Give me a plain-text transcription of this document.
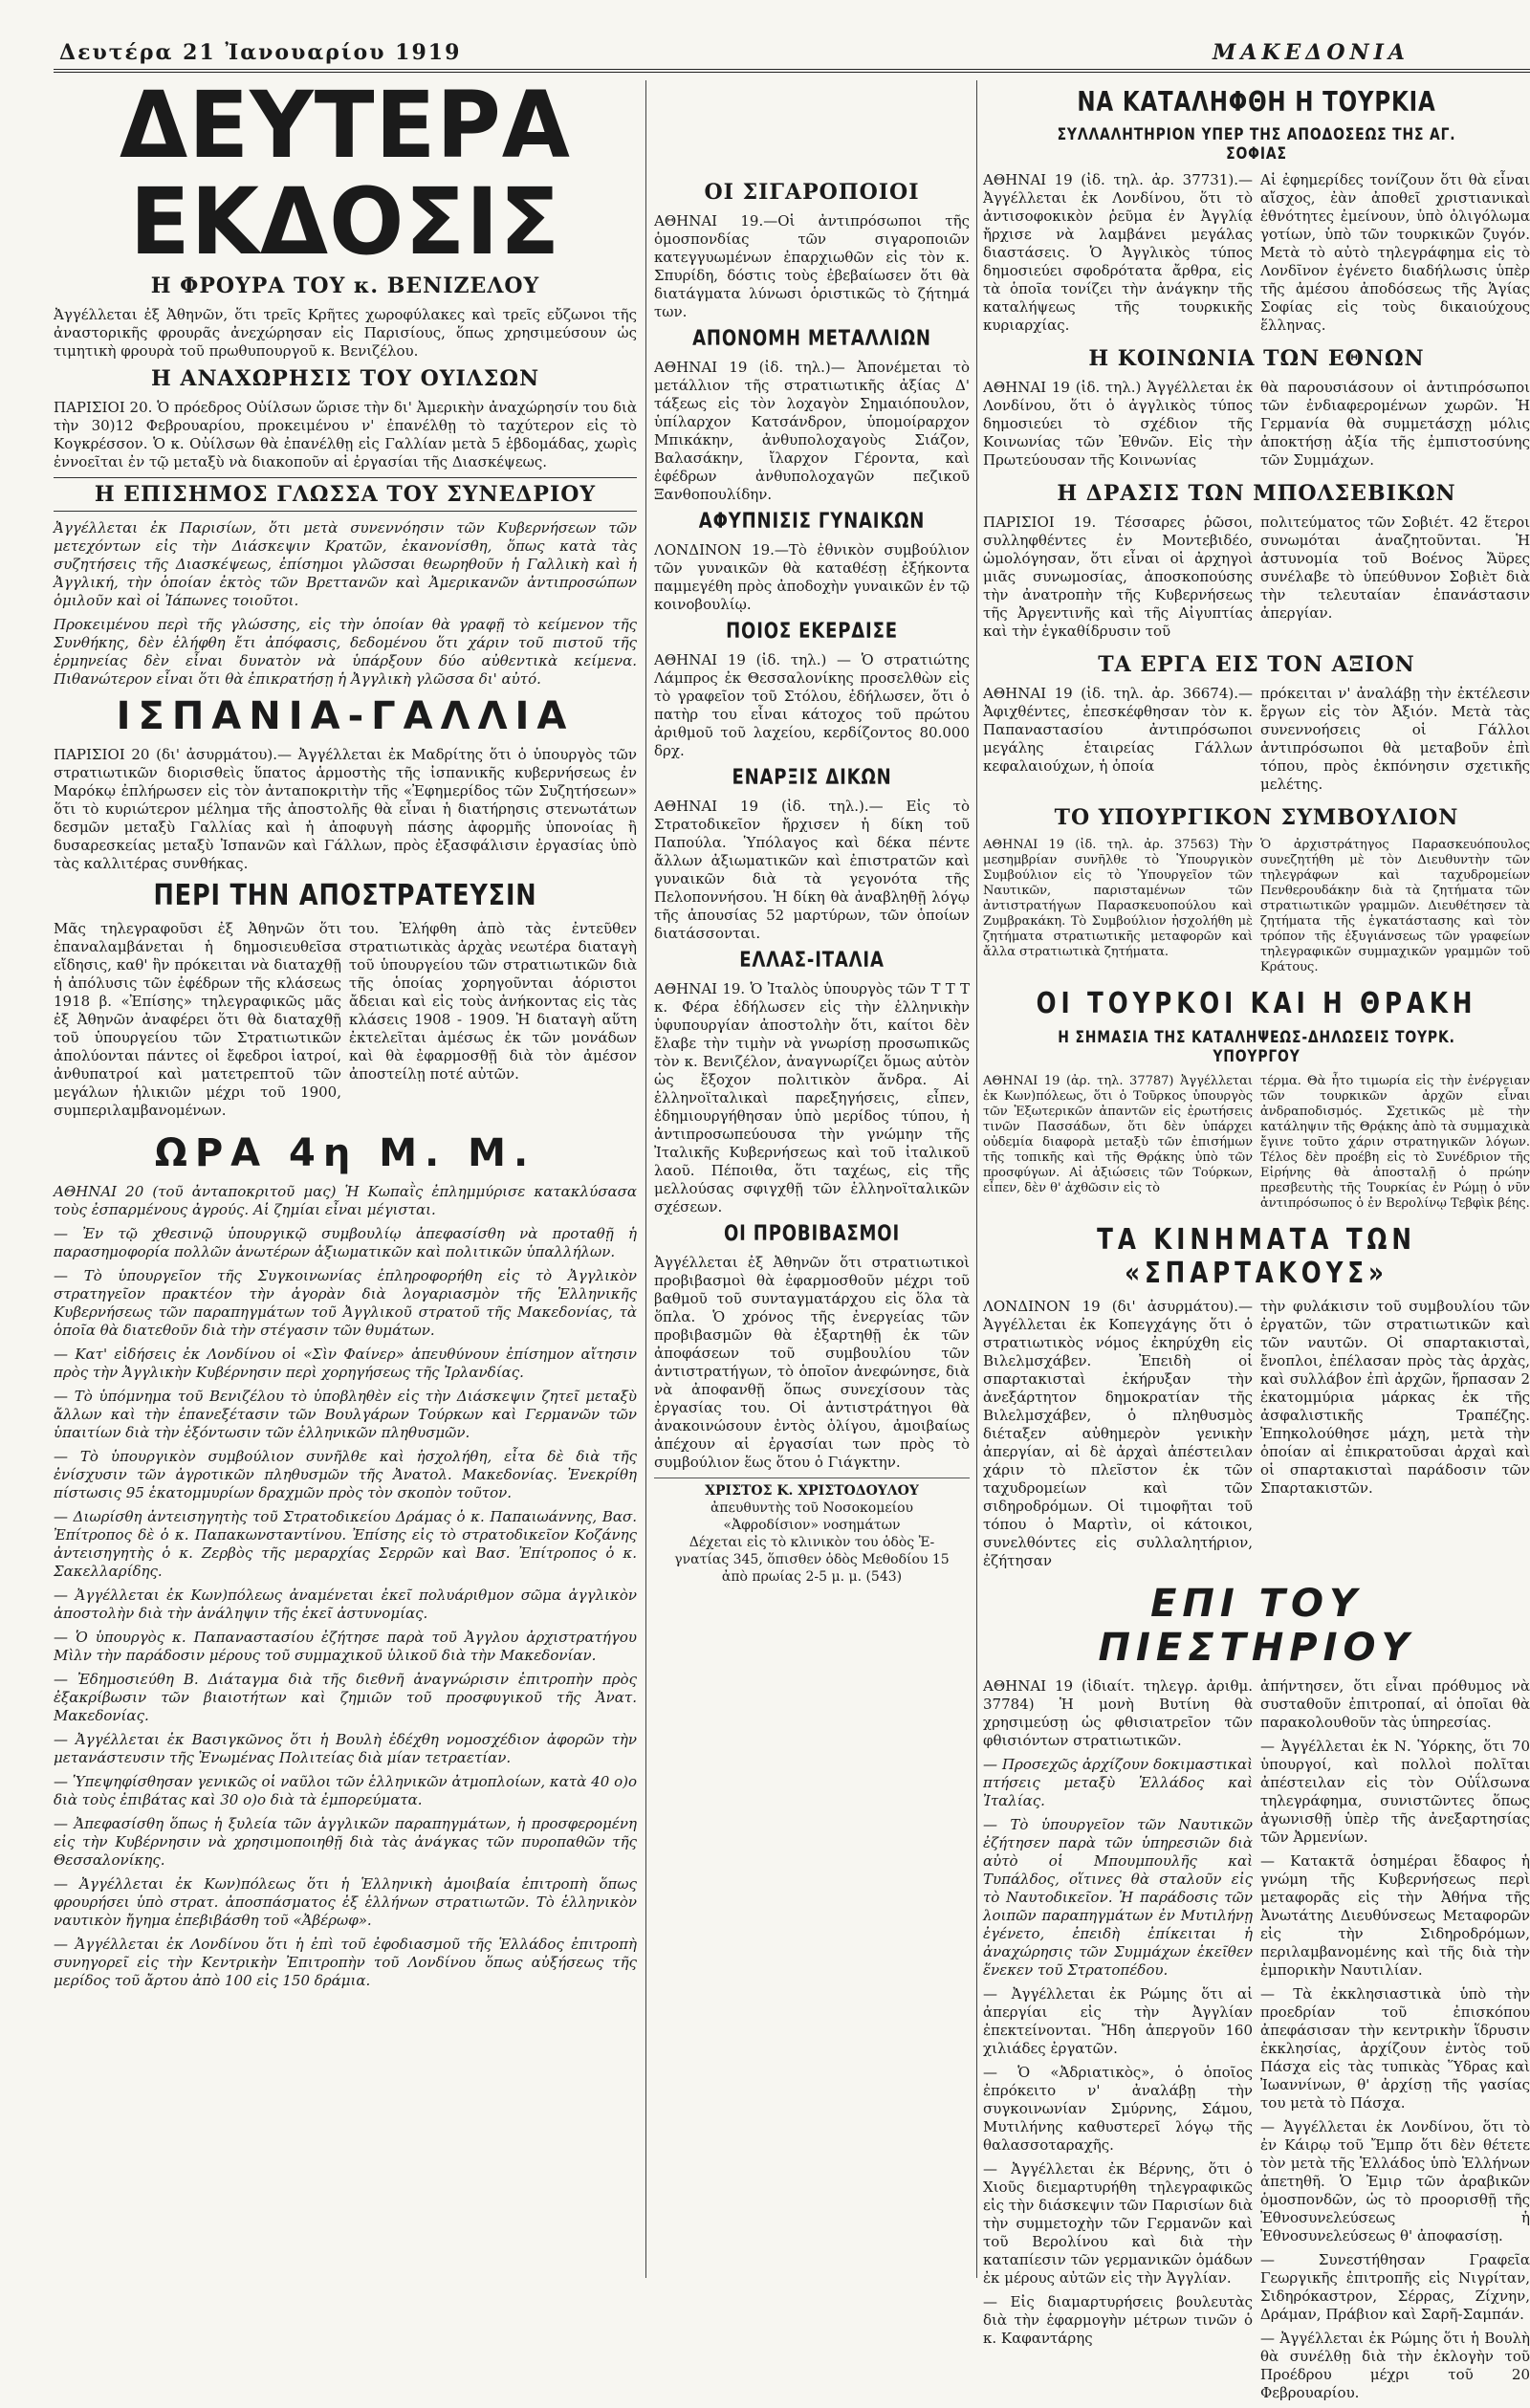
Δευτέρα 21 Ἰανουαρίου 1919	ΜΑΚΕΔΟΝΙΑ
ΔΕΥΤΕΡΑ ΕΚΔΟΣΙΣ
Η ΦΡΟΥΡΑ ΤΟΥ κ. ΒΕΝΙΖΕΛΟΥ

Ἀγγέλλεται ἐξ Ἀθηνῶν, ὅτι τρεῖς Κρῆτες χωροφύλακες καὶ τρεῖς εὔζωνοι τῆς ἀναστορικῆς φρουρᾶς ἀνεχώρησαν εἰς Παρισίους, ὅπως χρησιμεύσουν ὡς τιμητικὴ φρουρὰ τοῦ πρωθυπουργοῦ κ. Βενιζέλου.

Η ΑΝΑΧΩΡΗΣΙΣ ΤΟΥ ΟΥΙΛΣΩΝ

ΠΑΡΙΣΙΟΙ 20. Ὁ πρόεδρος Οὐίλσων ὥρισε τὴν δι' Ἀμερικὴν ἀναχώρησίν του διὰ τὴν 30)12 Φεβρουαρίου, προκειμένου ν' ἐπανέλθῃ τὸ ταχύτερον εἰς τὸ Κογκρέσσον. Ὁ κ. Οὐίλσων θὰ ἐπανέλθῃ εἰς Γαλλίαν μετὰ 5 ἑβδομάδας, χωρὶς ἐννοεῖται ἐν τῷ μεταξὺ νὰ διακοποῦν αἱ ἐργασίαι τῆς Διασκέψεως.

Η ΕΠΙΣΗΜΟΣ ΓΛΩΣΣΑ ΤΟΥ ΣΥΝΕΔΡΙΟΥ

Ἀγγέλλεται ἐκ Παρισίων, ὅτι μετὰ συνεννόησιν τῶν Κυβερνήσεων τῶν μετεχόντων εἰς τὴν Διάσκεψιν Κρατῶν, ἐκανονίσθη, ὅπως κατὰ τὰς συζητήσεις τῆς Διασκέψεως, ἐπίσημοι γλῶσσαι θεωρηθοῦν ἡ Γαλλικὴ καὶ ἡ Ἀγγλική, τὴν ὁποίαν ἐκτὸς τῶν Βρεττανῶν καὶ Ἀμερικανῶν ἀντιπροσώπων ὁμιλοῦν καὶ οἱ Ἰάπωνες τοιοῦτοι.

Προκειμένου περὶ τῆς γλώσσης, εἰς τὴν ὁποίαν θὰ γραφῇ τὸ κείμενον τῆς Συνθήκης, δὲν ἐλήφθη ἔτι ἀπόφασις, δεδομένου ὅτι χάριν τοῦ πιστοῦ τῆς ἑρμηνείας δὲν εἶναι δυνατὸν νὰ ὑπάρξουν δύο αὐθεντικὰ κείμενα. Πιθανώτερον εἶναι ὅτι θὰ ἐπικρατήσῃ ἡ Ἀγγλικὴ γλῶσσα δι' αὐτό.

ΙΣΠΑΝΙΑ-ΓΑΛΛΙΑ

ΠΑΡΙΣΙΟΙ 20 (δι' ἀσυρμάτου).— Ἀγγέλλεται ἐκ Μαδρίτης ὅτι ὁ ὑπουργὸς τῶν στρατιωτικῶν διορισθεὶς ὕπατος ἁρμοστὴς τῆς ἰσπανικῆς κυβερνήσεως ἐν Μαρόκῳ ἐπλήρωσεν εἰς τὸν ἀνταποκριτὴν τῆς «Ἐφημερίδος τῶν Συζητήσεων» ὅτι τὸ κυριώτερον μέλημα τῆς ἀποστολῆς θὰ εἶναι ἡ διατήρησις στενωτάτων δεσμῶν μεταξὺ Γαλλίας καὶ ἡ ἀποφυγὴ πάσης ἀφορμῆς ὑπονοίας ἢ δυσαρεσκείας μεταξὺ Ἰσπανῶν καὶ Γάλλων, πρὸς ἐξασφάλισιν ἐργασίας ὑπὸ τὰς καλλιτέρας συνθήκας.

ΠΕΡΙ ΤΗΝ ΑΠΟΣΤΡΑΤΕΥΣΙΝ

Μᾶς τηλεγραφοῦσι ἐξ Ἀθηνῶν ὅτι ἐπαναλαμβάνεται ἡ δημοσιευθεῖσα εἴδησις, καθ' ἣν πρόκειται νὰ διαταχθῇ ἡ ἀπόλυσις τῶν ἐφέδρων τῆς κλάσεως 1918 β. «Ἐπίσης» τηλεγραφικῶς μᾶς ἐξ Ἀθηνῶν ἀναφέρει ὅτι θὰ διαταχθῇ τοῦ ὑπουργείου τῶν Στρατιωτικῶν ἀπολύονται πάντες οἱ ἔφεδροι ἰατροί, ἀνθυπατροί καὶ ματετρεπτοῦ τῶν μεγάλων ἡλικιῶν μέχρι τοῦ 1900, συμπεριλαμβανομένων.

του. Ἐλήφθη ἀπὸ τὰς ἐντεῦθεν στρατιωτικὰς ἀρχὰς νεωτέρα διαταγὴ τοῦ ὑπουργείου τῶν στρατιωτικῶν διὰ τῆς ὁποίας χορηγοῦνται ἀόριστοι ἄδειαι καὶ εἰς τοὺς ἀνήκοντας εἰς τὰς κλάσεις 1908 - 1909. Ἡ διαταγὴ αὕτη ἐκτελεῖται ἀμέσως ἐκ τῶν μονάδων καὶ θὰ ἐφαρμοσθῇ διὰ τὸν ἀμέσον ἀποστείλῃ ποτέ αὐτῶν.

ΩΡΑ 4η Μ. Μ.

ΑΘΗΝΑΙ 20 (τοῦ ἀνταποκριτοῦ μας) Ἡ Κωπαῒς ἐπλημμύρισε κατακλύσασα τοὺς ἐσπαρμένους ἀγρούς. Αἱ ζημίαι εἶναι μέγισται.

— Ἐν τῷ χθεσινῷ ὑπουργικῷ συμβουλίῳ ἀπεφασίσθη νὰ προταθῇ ἡ παρασημοφορία πολλῶν ἀνωτέρων ἀξιωματικῶν καὶ πολιτικῶν ὑπαλλήλων.

— Τὸ ὑπουργεῖον τῆς Συγκοινωνίας ἐπληροφορήθη εἰς τὸ Ἀγγλικὸν στρατηγεῖον πρακτέον τὴν ἀγορὰν διὰ λογαριασμὸν τῆς Ἑλληνικῆς Κυβερνήσεως τῶν παραπηγμάτων τοῦ Ἀγγλικοῦ στρατοῦ τῆς Μακεδονίας, τὰ ὁποῖα θὰ διατεθοῦν διὰ τὴν στέγασιν τῶν θυμάτων.

— Κατ' εἰδήσεις ἐκ Λονδίνου οἱ «Σὶν Φαίνερ» ἀπευθύνουν ἐπίσημον αἴτησιν πρὸς τὴν Ἀγγλικὴν Κυβέρνησιν περὶ χορηγήσεως τῆς Ἰρλανδίας.

— Τὸ ὑπόμνημα τοῦ Βενιζέλου τὸ ὑποβληθὲν εἰς τὴν Διάσκεψιν ζητεῖ μεταξὺ ἄλλων καὶ τὴν ἐπανεξέτασιν τῶν Βουλγάρων Τούρκων καὶ Γερμανῶν τῶν ὑπαιτίων διὰ τὴν ἐξόντωσιν τῶν ἑλληνικῶν πληθυσμῶν.

— Τὸ ὑπουργικὸν συμβούλιον συνῆλθε καὶ ἠσχολήθη, εἶτα δὲ διὰ τῆς ἐνίσχυσιν τῶν ἀγροτικῶν πληθυσμῶν τῆς Ἀνατολ. Μακεδονίας. Ἐνεκρίθη πίστωσις 95 ἑκατομμυρίων δραχμῶν πρὸς τὸν σκοπὸν τοῦτον.

— Διωρίσθη ἀντεισηγητὴς τοῦ Στρατοδικείου Δράμας ὁ κ. Παπαιωάννης, Βασ. Ἐπίτροπος δὲ ὁ κ. Παπακωνσταντίνου. Ἐπίσης εἰς τὸ στρατοδικεῖον Κοζάνης ἀντεισηγητὴς ὁ κ. Ζερβὸς τῆς μεραρχίας Σερρῶν καὶ Βασ. Ἐπίτροπος ὁ κ. Σακελλαρίδης.

— Ἀγγέλλεται ἐκ Κων)πόλεως ἀναμένεται ἐκεῖ πολυάριθμον σῶμα ἀγγλικὸν ἀποστολὴν διὰ τὴν ἀνάληψιν τῆς ἐκεῖ ἀστυνομίας.

— Ὁ ὑπουργὸς κ. Παπαναστασίου ἐζήτησε παρὰ τοῦ Ἀγγλου ἀρχιστρατήγου Μὶλν τὴν παράδοσιν μέρους τοῦ συμμαχικοῦ ὑλικοῦ διὰ τὴν Μακεδονίαν.

— Ἐδημοσιεύθη Β. Διάταγμα διὰ τῆς διεθνῆ ἀναγνώρισιν ἐπιτροπὴν πρὸς ἐξακρίβωσιν τῶν βιαιοτήτων καὶ ζημιῶν τοῦ προσφυγικοῦ τῆς Ἀνατ. Μακεδονίας.

— Ἀγγέλλεται ἐκ Βασιγκῶνος ὅτι ἡ Βουλὴ ἐδέχθη νομοσχέδιον ἀφορῶν τὴν μετανάστευσιν τῆς Ἑνωμένας Πολιτείας διὰ μίαν τετραετίαν.

— Ὑπεψηφίσθησαν γενικῶς οἱ ναῦλοι τῶν ἑλληνικῶν ἀτμοπλοίων, κατὰ 40 ο)ο διὰ τοὺς ἐπιβάτας καὶ 30 ο)ο διὰ τὰ ἐμπορεύματα.

— Ἀπεφασίσθη ὅπως ἡ ξυλεία τῶν ἀγγλικῶν παραπηγμάτων, ἡ προσφερομένη εἰς τὴν Κυβέρνησιν νὰ χρησιμοποιηθῇ διὰ τὰς ἀνάγκας τῶν πυροπαθῶν τῆς Θεσσαλονίκης.

— Ἀγγέλλεται ἐκ Κων)πόλεως ὅτι ἡ Ἑλληνικὴ ἀμοιβαία ἐπιτροπὴ ὅπως φρουρήσει ὑπὸ στρατ. ἀποσπάσματος ἐξ ἑλλήνων στρατιωτῶν. Τὸ ἑλληνικὸν ναυτικὸν ἤγημα ἐπεβιβάσθη τοῦ «Ἀβέρωφ».

— Ἀγγέλλεται ἐκ Λονδίνου ὅτι ἡ ἐπὶ τοῦ ἐφοδιασμοῦ τῆς Ἑλλάδος ἐπιτροπὴ συνηγορεῖ εἰς τὴν Κεντρικὴν Ἐπιτροπὴν τοῦ Λονδίνου ὅπως αὐξήσεως τῆς μερίδος τοῦ ἄρτου ἀπὸ 100 εἰς 150 δράμια.

ΟΙ ΣΙΓΑΡΟΠΟΙΟΙ

ΑΘΗΝΑΙ 19.—Οἱ ἀντιπρόσωποι τῆς ὁμοσπονδίας τῶν σιγαροποιῶν κατεγγυωμένων ἐπαρχιωθῶν εἰς τὸν κ. Σπυρίδη, δόστις τοὺς ἐβεβαίωσεν ὅτι θὰ διατάγματα λύνωσι ὁριστικῶς τὸ ζήτημά των.

ΑΠΟΝΟΜΗ ΜΕΤΑΛΛΙΩΝ

ΑΘΗΝΑΙ 19 (ἰδ. τηλ.)— Ἀπονέμεται τὸ μετάλλιον τῆς στρατιωτικῆς ἀξίας Δ' τάξεως εἰς τὸν λοχαγὸν Σημαιόπουλον, ὑπίλαρχον Κατσάνδρον, ὑπομοίραρχον Μπικάκην, ἀνθυπολοχαγοὺς Σιάζον, Βαλασάκην, ἴλαρχον Γέροντα, καὶ ἐφέδρων ἀνθυπολοχαγῶν πεζικοῦ Ξανθοπουλίδην.

ΑΦΥΠΝΙΣΙΣ ΓΥΝΑΙΚΩΝ

ΛΟΝΔΙΝΟΝ 19.—Τὸ ἐθνικὸν συμβούλιον τῶν γυναικῶν θὰ καταθέσῃ ἐξήκοντα παμμεγέθη πρὸς ἀποδοχὴν γυναικῶν ἐν τῷ κοινοβουλίῳ.

ΠΟΙΟΣ ΕΚΕΡΔΙΣΕ

ΑΘΗΝΑΙ 19 (ἰδ. τηλ.) — Ὁ στρατιώτης Λάμπρος ἐκ Θεσσαλονίκης προσελθὼν εἰς τὸ γραφεῖον τοῦ Στόλου, ἐδήλωσεν, ὅτι ὁ πατὴρ του εἶναι κάτοχος τοῦ πρώτου ἀριθμοῦ τοῦ λαχείου, κερδίζοντος 80.000 δρχ.

ΕΝΑΡΞΙΣ ΔΙΚΩΝ

ΑΘΗΝΑΙ 19 (ἰδ. τηλ.).— Εἰς τὸ Στρατοδικεῖον ἤρχισεν ἡ δίκη τοῦ Παπούλα. Ὑπόλαγος καὶ δέκα πέντε ἄλλων ἀξιωματικῶν καὶ ἐπιστρατῶν καὶ γυναικῶν διὰ τὰ γεγονότα τῆς Πελοποννήσου. Ἡ δίκη θὰ ἀναβληθῇ λόγῳ τῆς ἀπουσίας 52 μαρτύρων, τῶν ὁποίων διατάσσονται.

ΕΛΛΑΣ-ΙΤΑΛΙΑ

ΑΘΗΝΑΙ 19. Ὁ Ἰταλὸς ὑπουργὸς τῶν Τ Τ Τ κ. Φέρα ἐδήλωσεν εἰς τὴν ἑλληνικὴν ὑφυπουργίαν ἀποστολὴν ὅτι, καίτοι δὲν ἔλαβε τὴν τιμὴν νὰ γνωρίσῃ προσωπικῶς τὸν κ. Βενιζέλον, ἀναγνωρίζει ὅμως αὐτὸν ὡς ἔξοχον πολιτικὸν ἄνδρα. Αἱ ἑλληνοϊταλικαὶ παρεξηγήσεις, εἶπεν, ἐδημιουργήθησαν ὑπὸ μερίδος τύπου, ἡ ἀντιπροσωπεύουσα τὴν γνώμην τῆς Ἰταλικῆς Κυβερνήσεως καὶ τοῦ ἰταλικοῦ λαοῦ. Πέποιθα, ὅτι ταχέως, εἰς τῆς μελλούσας σφιγχθῇ τῶν ἑλληνοϊταλικῶν σχέσεων.

ΟΙ ΠΡΟΒΙΒΑΣΜΟΙ

Ἀγγέλλεται ἐξ Ἀθηνῶν ὅτι στρατιωτικοὶ προβιβασμοὶ θὰ ἐφαρμοσθοῦν μέχρι τοῦ βαθμοῦ τοῦ συνταγματάρχου εἰς ὅλα τὰ ὅπλα. Ὁ χρόνος τῆς ἐνεργείας τῶν προβιβασμῶν θὰ ἐξαρτηθῇ ἐκ τῶν ἀποφάσεων τοῦ συμβουλίου τῶν ἀντιστρατήγων, τὸ ὁποῖον ἀνεφώνησε, διὰ νὰ ἀποφανθῇ ὅπως συνεχίσουν τὰς ἐργασίας του. Οἱ ἀντιστράτηγοι θὰ ἀνακοινώσουν ἐντὸς ὀλίγου, ἀμοιβαίως ἀπέχουν αἱ ἐργασίαι των πρὸς τὸ συμβούλιον ἕως ὅτου ὁ Γιάγκτην.

ΧΡΙΣΤΟΣ Κ. ΧΡΙΣΤΟΔΟΥΛΟΥ
ἀπευθυντὴς τοῦ Νοσοκομείου
«Ἀφροδίσιον» νοσημάτων
Δέχεται εἰς τὸ κλινικὸν του ὁδὸς Ἐ-
γνατίας 345, ὅπισθεν ὁδὸς Μεθοδίου 15
ἀπὸ πρωίας 2-5 μ. μ. (543)
ΝΑ ΚΑΤΑΛΗΦΘΗ Η ΤΟΥΡΚΙΑ
ΣΥΛΛΑΛΗΤΗΡΙΟΝ ΥΠΕΡ ΤΗΣ ΑΠΟΔΟΣΕΩΣ ΤΗΣ ΑΓ. ΣΟΦΙΑΣ

ΑΘΗΝΑΙ 19 (ἰδ. τηλ. ἀρ. 37731).— Ἀγγέλλεται ἐκ Λονδίνου, ὅτι τὸ ἀντισοφοκικὸν ῥεῦμα ἐν Ἀγγλίᾳ ἤρχισε νὰ λαμβάνει μεγάλας διαστάσεις. Ὁ Ἀγγλικὸς τύπος δημοσιεύει σφοδρότατα ἄρθρα, εἰς τὰ ὁποῖα τονίζει τὴν ἀνάγκην τῆς καταλήψεως τῆς τουρκικῆς κυριαρχίας.

Αἱ ἐφημερίδες τονίζουν ὅτι θὰ εἶναι αἴσχος, ἐὰν ἀποθεῖ χριστιανικαὶ ἐθνότητες ἐμείνουν, ὑπὸ ὀλιγόλωμα γοτίων, ὑπὸ τῶν τουρκικῶν ζυγόν. Μετὰ τὸ αὐτὸ τηλεγράφημα εἰς τὸ Λονδῖνον ἐγένετο διαδήλωσις ὑπὲρ τῆς ἀμέσου ἀποδόσεως τῆς Ἁγίας Σοφίας εἰς τοὺς δικαιούχους ἕλληνας.

Η ΚΟΙΝΩΝΙΑ ΤΩΝ ΕΘΝΩΝ

ΑΘΗΝΑΙ 19 (ἰδ. τηλ.) Ἀγγέλλεται ἐκ Λονδίνου, ὅτι ὁ ἀγγλικὸς τύπος δημοσιεύει τὸ σχέδιον τῆς Κοινωνίας τῶν Ἐθνῶν. Εἰς τὴν Πρωτεύουσαν τῆς Κοινωνίας

θὰ παρουσιάσουν οἱ ἀντιπρόσωποι τῶν ἐνδιαφερομένων χωρῶν. Ἡ Γερμανία θὰ συμμετάσχῃ μόλις ἀποκτήσῃ ἀξία τῆς ἐμπιστοσύνης τῶν Συμμάχων.

Η ΔΡΑΣΙΣ ΤΩΝ ΜΠΟΛΣΕΒΙΚΩΝ

ΠΑΡΙΣΙΟΙ 19. Τέσσαρες ῥῶσοι, συλληφθέντες ἐν Μοντεβιδέο, ὡμολόγησαν, ὅτι εἶναι οἱ ἀρχηγοὶ μιᾶς συνωμοσίας, ἀποσκοπούσης τὴν ἀνατροπὴν τῆς Κυβερνήσεως τῆς Ἀργεντινῆς καὶ τῆς Αἰγυπτίας καὶ τὴν ἐγκαθίδρυσιν τοῦ

πολιτεύματος τῶν Σοβιέτ. 42 ἕτεροι συνωμόται ἀναζητοῦνται. Ἡ ἀστυνομία τοῦ Βοένος Ἄϋρες συνέλαβε τὸ ὑπεύθυνον Σοβιὲτ διὰ τὴν τελευταίαν ἐπανάστασιν ἀπεργίαν.

ΤΑ ΕΡΓΑ ΕΙΣ ΤΟΝ ΑΞΙΟΝ

ΑΘΗΝΑΙ 19 (ἰδ. τηλ. ἀρ. 36674).— Ἀφιχθέντες, ἐπεσκέφθησαν τὸν κ. Παπαναστασίου ἀντιπρόσωποι μεγάλης ἑταιρείας Γάλλων κεφαλαιούχων, ἡ ὁποία

πρόκειται ν' ἀναλάβῃ τὴν ἐκτέλεσιν ἔργων εἰς τὸν Ἀξιόν. Μετὰ τὰς συνεννοήσεις οἱ Γάλλοι ἀντιπρόσωποι θὰ μεταβοῦν ἐπὶ τόπου, πρὸς ἐκπόνησιν σχετικῆς μελέτης.

ΤΟ ΥΠΟΥΡΓΙΚΟΝ ΣΥΜΒΟΥΛΙΟΝ

ΑΘΗΝΑΙ 19 (ἰδ. τηλ. ἀρ. 37563) Τὴν μεσημβρίαν συνῆλθε τὸ Ὑπουργικὸν Συμβούλιον εἰς τὸ Ὑπουργεῖον τῶν Ναυτικῶν, παρισταμένων τῶν ἀντιστρατήγων Παρασκευοπούλου καὶ Ζυμβρακάκη. Τὸ Συμβούλιον ἠσχολήθη μὲ ζητήματα στρατιωτικῆς μεταφορῶν καὶ ἄλλα στρατιωτικὰ ζητήματα.

Ὁ ἀρχιστράτηγος Παρασκευόπουλος συνεζητήθη μὲ τὸν Διευθυντὴν τῶν τηλεγράφων καὶ ταχυδρομείων Πενθερουδάκην διὰ τὰ ζητήματα τῶν στρατιωτικῶν γραμμῶν. Διευθέτησεν τὰ ζητήματα τῆς ἐγκατάστασης καὶ τὸν τρόπον τῆς ἐξυγιάνσεως τῶν γραφείων τηλεγραφικῶν συμμαχικῶν γραμμῶν τοῦ Κράτους.

ΟΙ ΤΟΥΡΚΟΙ ΚΑΙ Η ΘΡΑΚΗ
Η ΣΗΜΑΣΙΑ ΤΗΣ ΚΑΤΑΛΗΨΕΩΣ-ΔΗΛΩΣΕΙΣ ΤΟΥΡΚ. ΥΠΟΥΡΓΟΥ

ΑΘΗΝΑΙ 19 (ἀρ. τηλ. 37787) Ἀγγέλλεται ἐκ Κων)πόλεως, ὅτι ὁ Τοῦρκος ὑπουργὸς τῶν Ἐξωτερικῶν ἀπαντῶν εἰς ἐρωτήσεις τινῶν Πασσάδων, ὅτι δὲν ὑπάρχει οὐδεμία διαφορὰ μεταξὺ τῶν ἐπισήμων τῆς τοπικῆς καὶ τῆς Θρᾴκης ὑπὸ τῶν προσφύγων. Αἱ ἀξιώσεις τῶν Τούρκων, εἶπεν, δὲν θ' ἀχθῶσιν εἰς τὸ

τέρμα. Θὰ ἦτο τιμωρία εἰς τὴν ἐνέργειαν τῶν τουρκικῶν ἀρχῶν εἶναι ἀνδραποδισμός. Σχετικῶς μὲ τὴν κατάληψιν τῆς Θρᾴκης ἀπὸ τὰ συμμαχικὰ ἔγινε τοῦτο χάριν στρατηγικῶν λόγων. Τέλος δὲν προέβη εἰς τὸ Συνέδριον τῆς Εἰρήνης θὰ ἀποσταλῇ ὁ πρώην πρεσβευτὴς τῆς Τουρκίας ἐν Ρώμῃ ὁ νῦν ἀντιπρόσωπος ὁ ἐν Βερολίνῳ Τεβφὶκ βέης.

ΤΑ ΚΙΝΗΜΑΤΑ ΤΩΝ «ΣΠΑΡΤΑΚΟΥΣ»

ΛΟΝΔΙΝΟΝ 19 (δι' ἀσυρμάτου).— Ἀγγέλλεται ἐκ Κοπεγχάγης ὅτι ὁ στρατιωτικὸς νόμος ἐκηρύχθη εἰς Βιλελμσχάβεν. Ἐπειδὴ οἱ σπαρτακισταὶ ἐκήρυξαν τὴν ἀνεξάρτητον δημοκρατίαν τῆς Βιλελμσχάβεν, ὁ πληθυσμὸς διέταξεν αὐθημερὸν γενικὴν ἀπεργίαν, αἱ δὲ ἀρχαὶ ἀπέστειλαν χάριν τὸ πλεῖστον ἐκ τῶν ταχυδρομείων καὶ τῶν σιδηροδρόμων. Οἱ τιμοφῆται τοῦ τόπου ὁ Μαρτὶν, οἱ κάτοικοι, συνελθόντες εἰς συλλαλητήριον, ἐζήτησαν

τὴν φυλάκισιν τοῦ συμβουλίου τῶν ἐργατῶν, τῶν στρατιωτικῶν καὶ τῶν ναυτῶν. Οἱ σπαρτακισταὶ, ἔνοπλοι, ἐπέλασαν πρὸς τὰς ἀρχὰς, καὶ συλλάβον ἐπὶ ἀρχῶν, ἥρπασαν 2 ἑκατομμύρια μάρκας ἐκ τῆς ἀσφαλιστικῆς Τραπέζης. Ἐπηκολούθησε μάχη, μετὰ τὴν ὁποίαν αἱ ἐπικρατοῦσαι ἀρχαὶ καὶ οἱ σπαρτακισταὶ παράδοσιν τῶν Σπαρτακιστῶν.

ΕΠΙ ΤΟΥ ΠΙΕΣΤΗΡΙΟΥ

ΑΘΗΝΑΙ 19 (ἰδιαίτ. τηλεγρ. ἀριθμ. 37784) Ἡ μονὴ Βυτίνη θὰ χρησιμεύσῃ ὡς φθισιατρεῖον τῶν φθισιόντων στρατιωτικῶν.

— Προσεχῶς ἀρχίζουν δοκιμαστικαὶ πτήσεις μεταξὺ Ἑλλάδος καὶ Ἰταλίας.

— Τὸ ὑπουργεῖον τῶν Ναυτικῶν ἐζήτησεν παρὰ τῶν ὑπηρεσιῶν διὰ αὐτὸ οἱ Μπουμπουλῆς καὶ Τυπάλδος, οἵτινες θὰ σταλοῦν εἰς τὸ Ναυτοδικεῖον. Ἡ παράδοσις τῶν λοιπῶν παραπηγμάτων ἐν Μυτιλήνῃ ἐγένετο, ἐπειδὴ ἐπίκειται ἡ ἀναχώρησις τῶν Συμμάχων ἐκεῖθεν ἕνεκεν τοῦ Στρατοπέδου.

— Ἀγγέλλεται ἐκ Ρώμης ὅτι αἱ ἀπεργίαι εἰς τὴν Ἀγγλίαν ἐπεκτείνονται. Ἤδη ἀπεργοῦν 160 χιλιάδες ἐργατῶν.

— Ὁ «Ἀδριατικὸς», ὁ ὁποῖος ἐπρόκειτο ν' ἀναλάβῃ τὴν συγκοινωνίαν Σμύρνης, Σάμου, Μυτιλήνης καθυστερεῖ λόγῳ τῆς θαλασσοταραχῆς.

— Ἀγγέλλεται ἐκ Βέρνης, ὅτι ὁ Χιοῦς διεμαρτυρήθη τηλεγραφικῶς εἰς τὴν διάσκεψιν τῶν Παρισίων διὰ τὴν συμμετοχὴν τῶν Γερμανῶν καὶ τοῦ Βερολίνου καὶ διὰ τὴν καταπίεσιν τῶν γερμανικῶν ὁμάδων ἐκ μέρους αὐτῶν εἰς τὴν Ἀγγλίαν.

— Εἰς διαμαρτυρήσεις βουλευτὰς διὰ τὴν ἐφαρμογὴν μέτρων τινῶν ὁ κ. Καφαντάρης

ἀπήντησεν, ὅτι εἶναι πρόθυμος νὰ συσταθοῦν ἐπιτροπαί, αἱ ὁποῖαι θὰ παρακολουθοῦν τὰς ὑπηρεσίας.

— Ἀγγέλλεται ἐκ Ν. Ὑόρκης, ὅτι 70 ὑπουργοί, καὶ πολλοὶ πολῖται ἀπέστειλαν εἰς τὸν Οὐΐλσωνα τηλεγράφημα, συνιστῶντες ὅπως ἀγωνισθῇ ὑπὲρ τῆς ἀνεξαρτησίας τῶν Ἀρμενίων.

— Κατακτᾶ ὁσημέραι ἔδαφος ἡ γνώμη τῆς Κυβερνήσεως περὶ μεταφορᾶς εἰς τὴν Ἀθήνα τῆς Ἀνωτάτης Διευθύνσεως Μεταφορῶν εἰς τὴν Σιδηροδρόμων, περιλαμβανομένης καὶ τῆς διὰ τὴν ἐμπορικὴν Ναυτιλίαν.

— Τὰ ἐκκλησιαστικὰ ὑπὸ τὴν προεδρίαν τοῦ ἐπισκόπου ἀπεφάσισαν τὴν κεντρικὴν ἵδρυσιν ἐκκλησίας, ἀρχίζουν ἐντὸς τοῦ Πάσχα εἰς τὰς τυπικὰς Ὕδρας καὶ Ἰωαννίνων, θ' ἀρχίσῃ τῆς γασίας του μετὰ τὸ Πάσχα.

— Ἀγγέλλεται ἐκ Λονδίνου, ὅτι τὸ ἐν Κάιρῳ τοῦ Ἔμπρ ὅτι δὲν θέτετε τὸν μετὰ τῆς Ἑλλάδος ὑπὸ Ἑλλήνων ἀπετηθῆ. Ὁ Ἐμιρ τῶν ἀραβικῶν ὁμοσπονδῶν, ὡς τὸ προορισθῇ τῆς Ἐθνοσυνελεύσεως ἡ Ἐθνοσυνελεύσεως θ' ἀποφασίσῃ.

— Συνεστήθησαν Γραφεῖα Γεωργικῆς ἐπιτροπῆς εἰς Νιγρίταν, Σιδηρόκαστρον, Σέρρας, Ζίχνην, Δράμαν, Πράβιον καὶ Σαρῆ-Σαμπάν.

— Ἀγγέλλεται ἐκ Ρώμης ὅτι ἡ Βουλὴ θὰ συνέλθῃ διὰ τὴν ἐκλογὴν τοῦ Προέδρου μέχρι τοῦ 20 Φεβρουαρίου.
